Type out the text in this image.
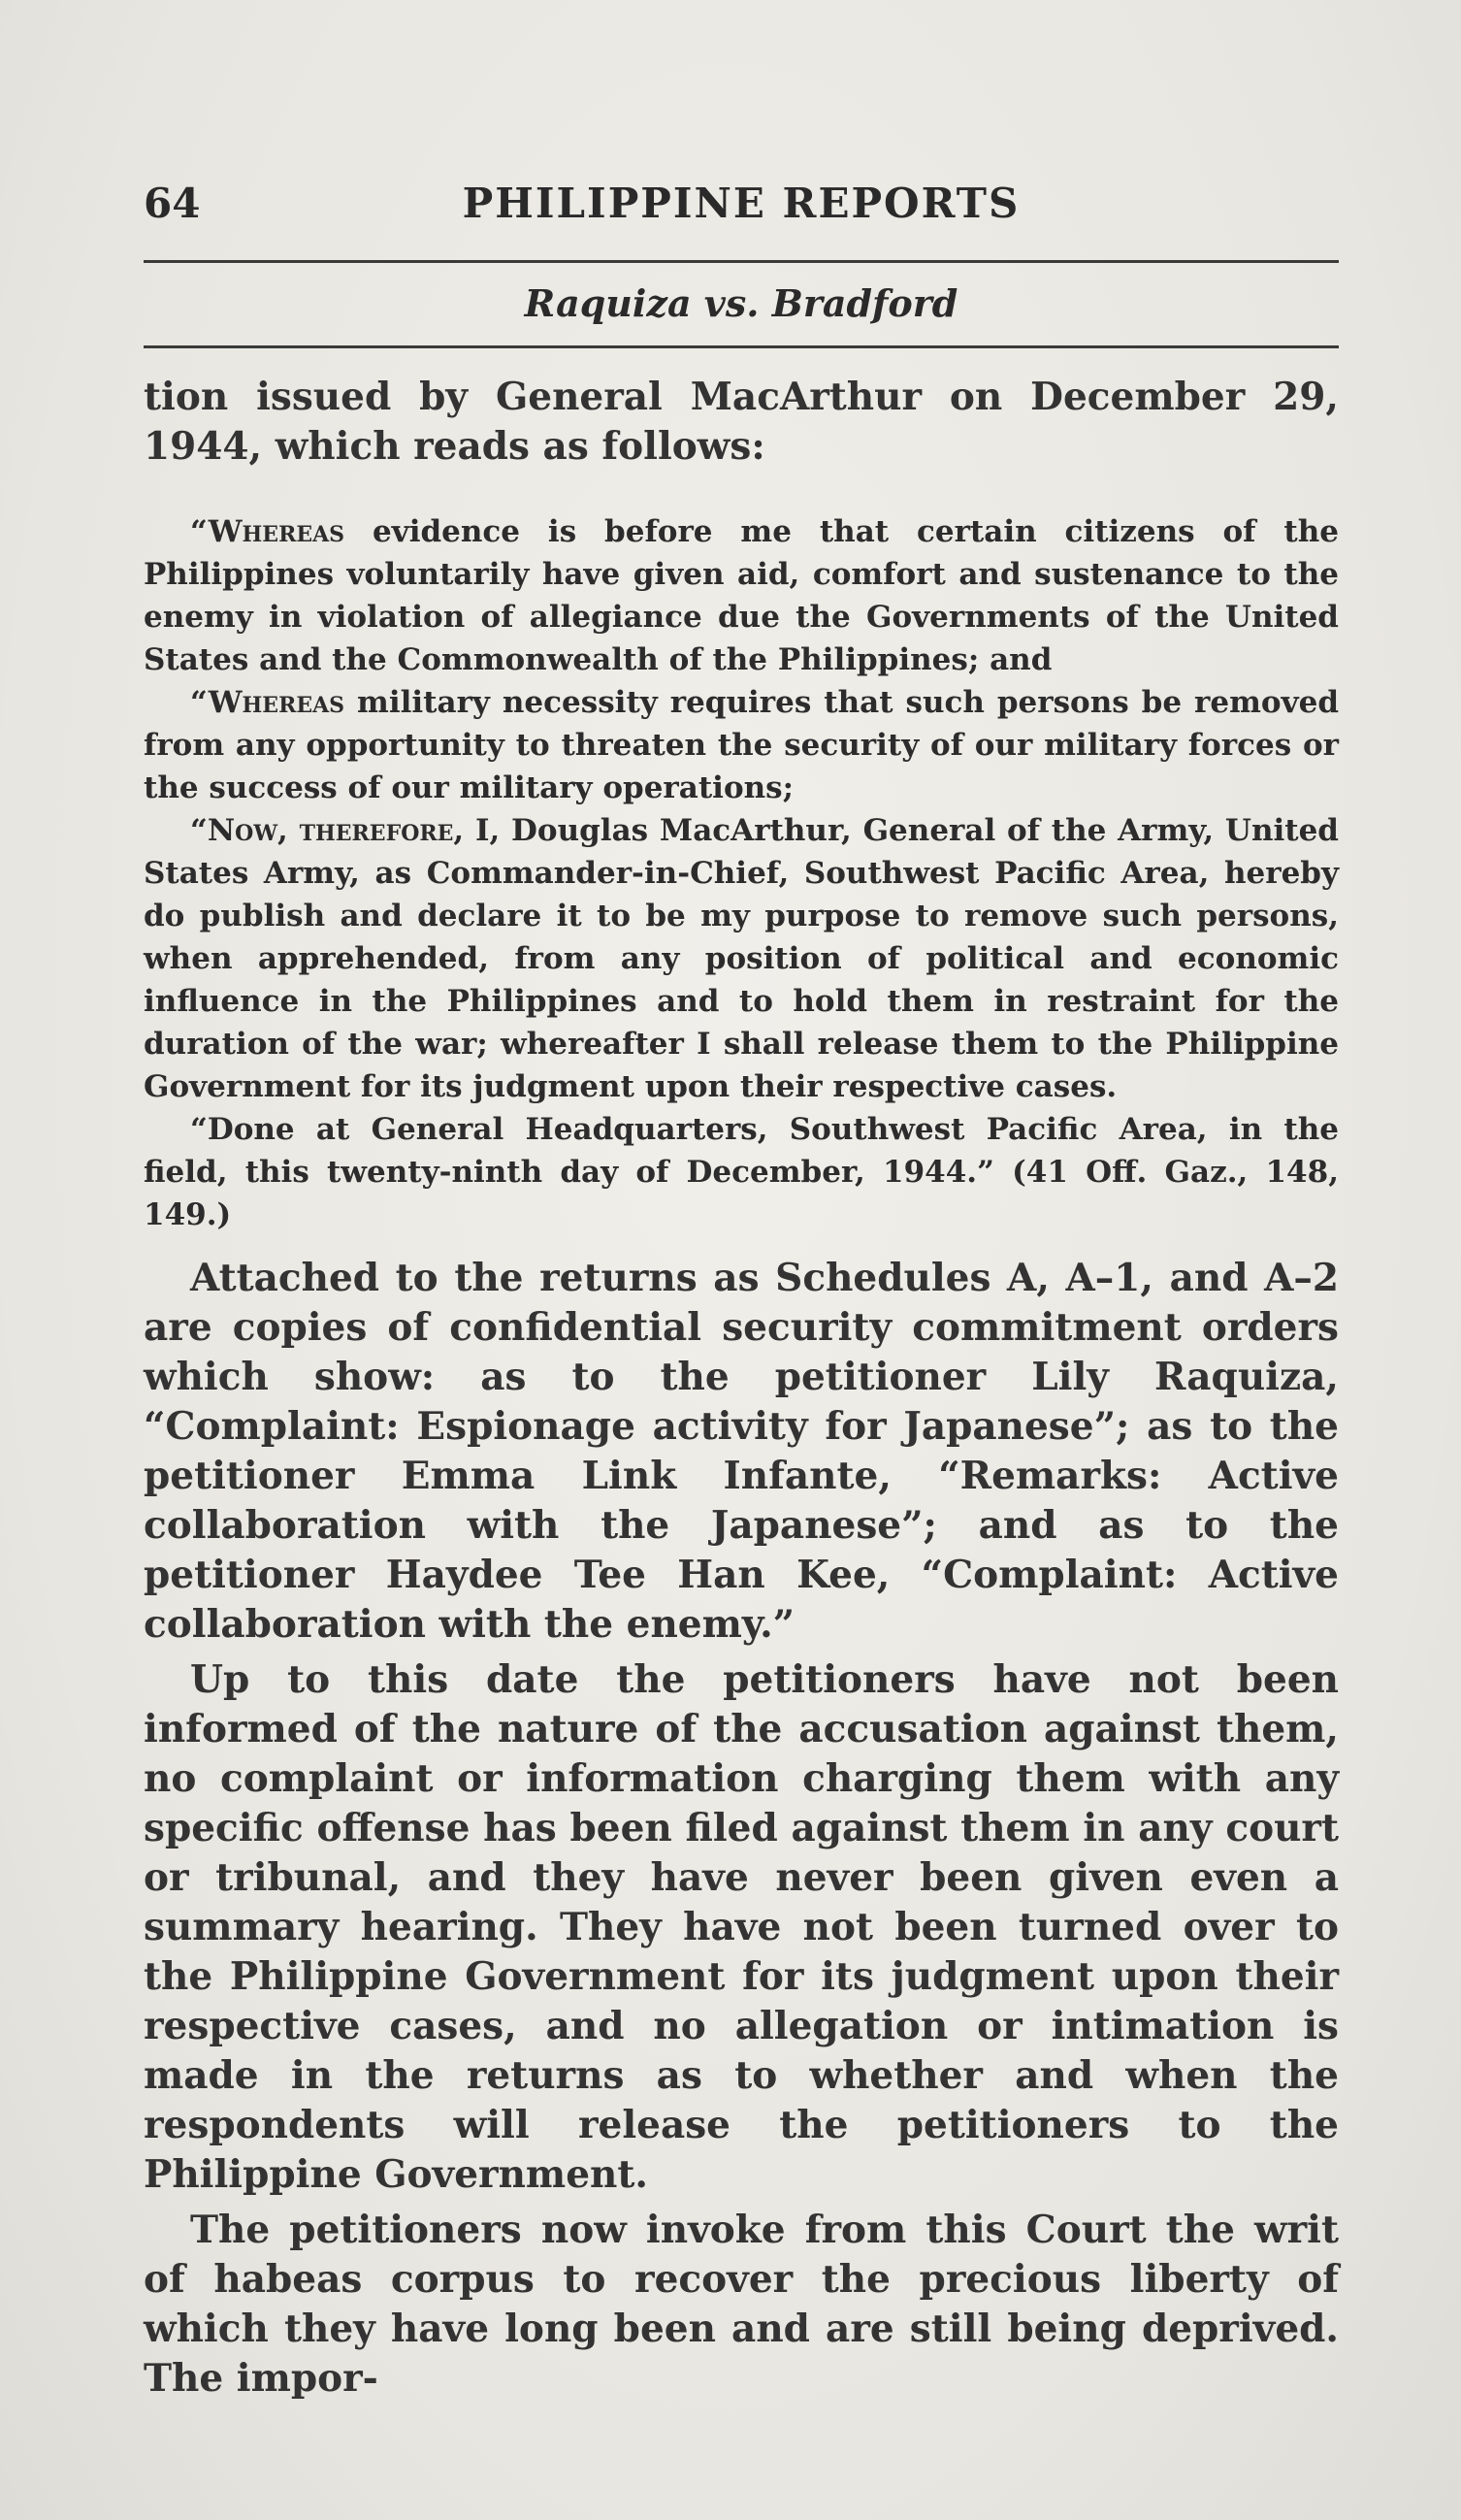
64	PHILIPPINE REPORTS
Raquiza vs. Bradford

tion issued by General MacArthur on December 29, 1944, which reads as follows:

“Whereas evidence is before me that certain citizens of the Philippines voluntarily have given aid, comfort and sustenance to the enemy in violation of allegiance due the Governments of the United States and the Commonwealth of the Philippines; and

“Whereas military necessity requires that such persons be removed from any opportunity to threaten the security of our military forces or the success of our military operations;

“Now, therefore, I, Douglas MacArthur, General of the Army, United States Army, as Commander-in-Chief, Southwest Pacific Area, hereby do publish and declare it to be my purpose to remove such persons, when apprehended, from any position of political and economic influence in the Philippines and to hold them in restraint for the duration of the war; whereafter I shall release them to the Philippine Government for its judgment upon their respective cases.

“Done at General Headquarters, Southwest Pacific Area, in the field, this twenty-ninth day of December, 1944.” (41 Off. Gaz., 148, 149.)

Attached to the returns as Schedules A, A–1, and A–2 are copies of confidential security commitment orders which show: as to the petitioner Lily Raquiza, “Complaint: Espionage activity for Japanese”; as to the petitioner Emma Link Infante, “Remarks: Active collaboration with the Japanese”; and as to the petitioner Haydee Tee Han Kee, “Complaint: Active collaboration with the enemy.”

Up to this date the petitioners have not been informed of the nature of the accusation against them, no complaint or information charging them with any specific offense has been filed against them in any court or tribunal, and they have never been given even a summary hearing. They have not been turned over to the Philippine Government for its judgment upon their respective cases, and no allegation or intimation is made in the returns as to whether and when the respondents will release the petitioners to the Philippine Government.

The petitioners now invoke from this Court the writ of habeas corpus to recover the precious liberty of which they have long been and are still being deprived. The impor-
